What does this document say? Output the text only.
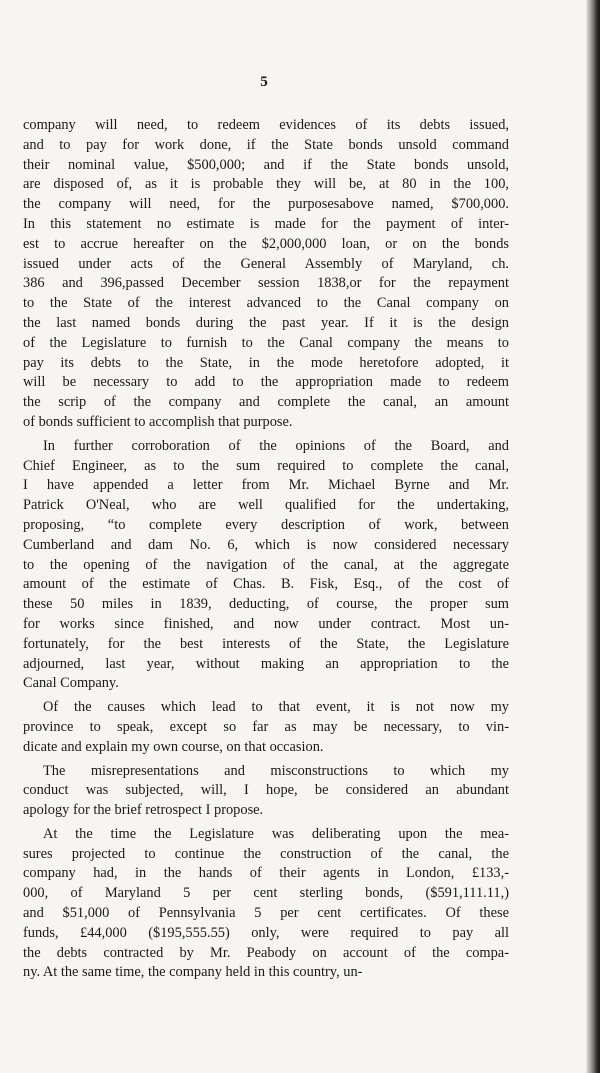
5
company will need, to redeem evidences of its debts issued,
and to pay for work done, if the State bonds unsold command
their nominal value, $500,000; and if the State bonds unsold,
are disposed of, as it is probable they will be, at 80 in the 100,
the company will need, for the purposesabove named, $700,000.
In this statement no estimate is made for the payment of inter-
est to accrue hereafter on the $2,000,000 loan, or on the bonds
issued under acts of the General Assembly of Maryland, ch.
386 and 396,passed December session 1838,or for the repayment
to the State of the interest advanced to the Canal company on
the last named bonds during the past year. If it is the design
of the Legislature to furnish to the Canal company the means to
pay its debts to the State, in the mode heretofore adopted, it
will be necessary to add to the appropriation made to redeem
the scrip of the company and complete the canal, an amount
of bonds sufficient to accomplish that purpose.
In further corroboration of the opinions of the Board, and
Chief Engineer, as to the sum required to complete the canal,
I have appended a letter from Mr. Michael Byrne and Mr.
Patrick O'Neal, who are well qualified for the undertaking,
proposing, “to complete every description of work, between
Cumberland and dam No. 6, which is now considered necessary
to the opening of the navigation of the canal, at the aggregate
amount of the estimate of Chas. B. Fisk, Esq., of the cost of
these 50 miles in 1839, deducting, of course, the proper sum
for works since finished, and now under contract. Most un-
fortunately, for the best interests of the State, the Legislature
adjourned, last year, without making an appropriation to the
Canal Company.
Of the causes which lead to that event, it is not now my
province to speak, except so far as may be necessary, to vin-
dicate and explain my own course, on that occasion.
The misrepresentations and misconstructions to which my
conduct was subjected, will, I hope, be considered an abundant
apology for the brief retrospect I propose.
At the time the Legislature was deliberating upon the mea-
sures projected to continue the construction of the canal, the
company had, in the hands of their agents in London, £133,-
000, of Maryland 5 per cent sterling bonds, ($591,111.11,)
and $51,000 of Pennsylvania 5 per cent certificates. Of these
funds, £44,000 ($195,555.55) only, were required to pay all
the debts contracted by Mr. Peabody on account of the compa-
ny. At the same time, the company held in this country, un-
